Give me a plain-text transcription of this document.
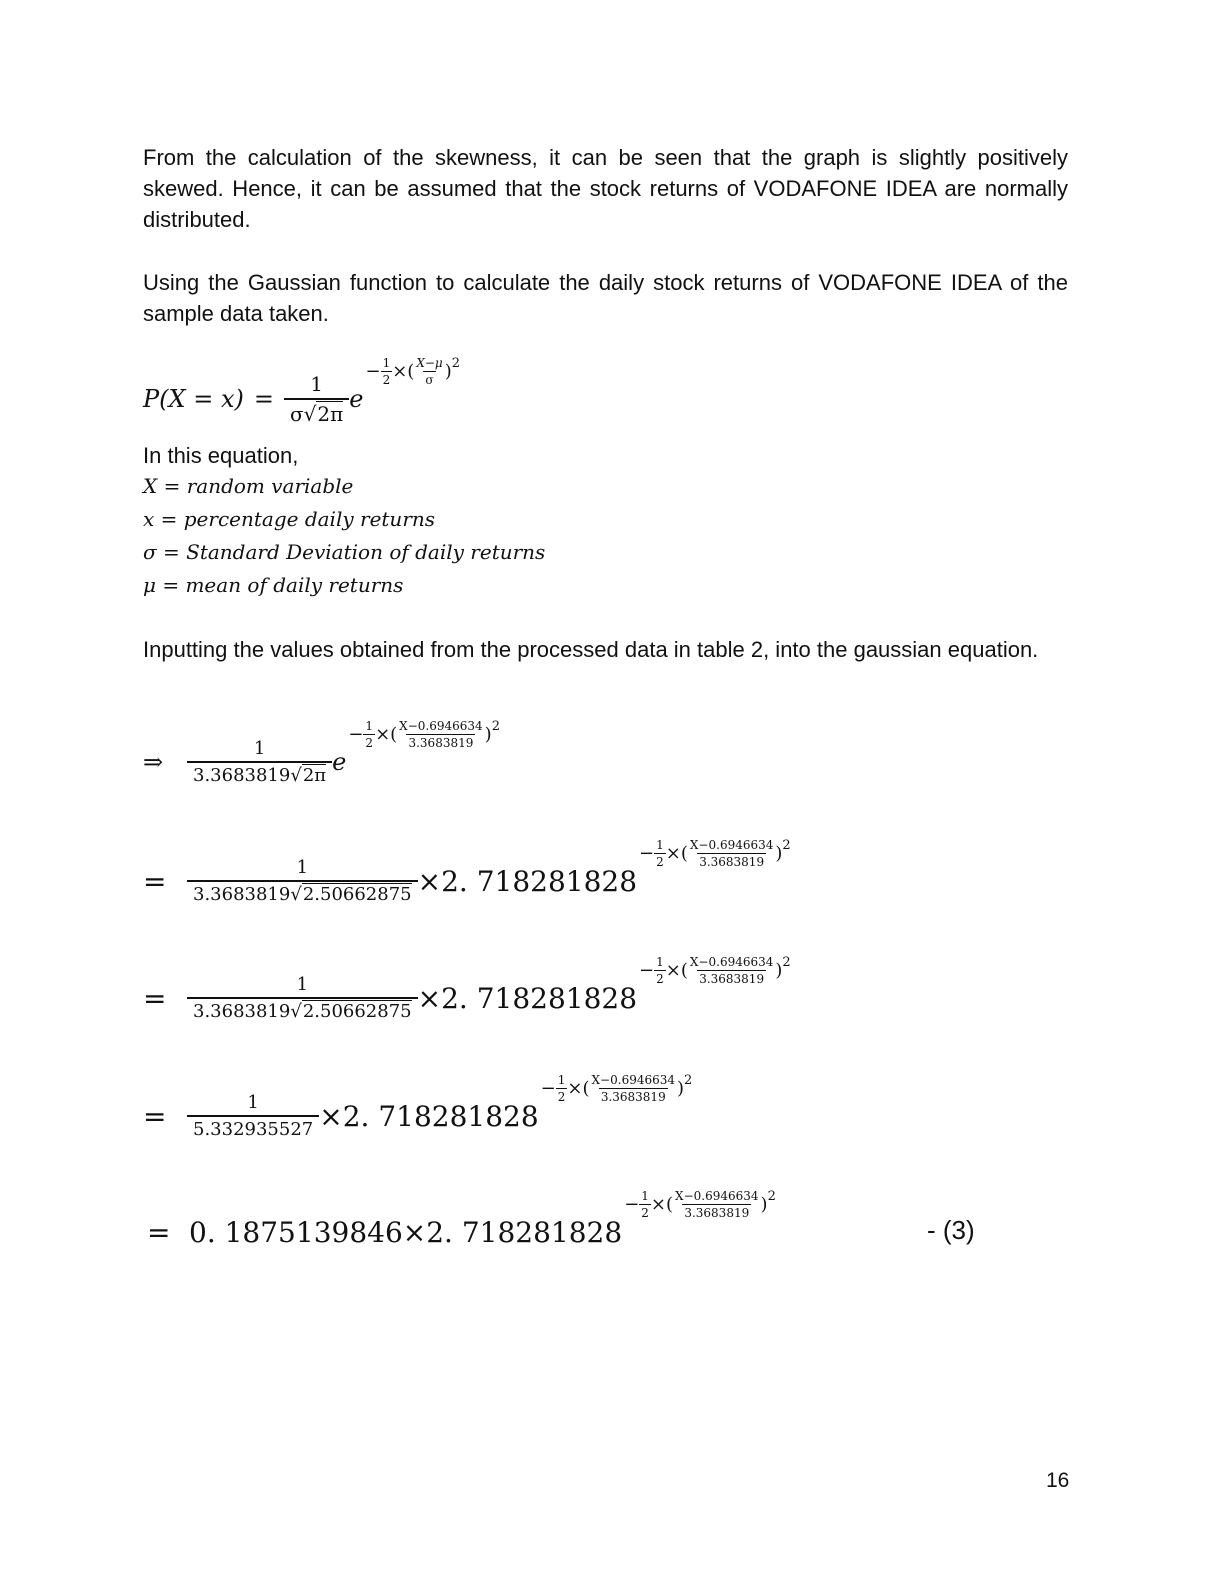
From the calculation of the skewness, it can be seen that the graph is slightly positively skewed. Hence, it can be assumed that the stock returns of VODAFONE IDEA are normally distributed.
Using the Gaussian function to calculate the daily stock returns of VODAFONE IDEA of the sample data taken.
$P(X = x) = \frac{1}{\sigma√2\pi}$ e
− $\frac{1}{2}$ ×( $\frac{X-\mu}{\sigma} )^2$
In this equation,
X = random variable
x = percentage daily returns
σ = Standard Deviation of daily returns
μ = mean of daily returns
Inputting the values obtained from the processed data in table 2, into the gaussian equation.
⇒	$\frac{1}{3.3683819√2\pi}$ e
− $\frac{1}{2}$ ×( $\frac{X-0.6946634}{3.3683819} )^2$
=	$\frac{1}{3.3683819√2.50662875} \times 2$. 718281828
− $\frac{1}{2}$ ×( $\frac{X-0.6946634}{3.3683819} )^2$
=	$\frac{1}{3.3683819√2.50662875} \times 2$. 718281828
− $\frac{1}{2}$ ×( $\frac{X-0.6946634}{3.3683819} )^2$
=	$\frac{1}{5.332935527} \times 2$. 718281828
− $\frac{1}{2}$ ×( $\frac{X-0.6946634}{3.3683819} )^2$
= 0. 1875139846 × 2. 718281828
− $\frac{1}{2}$ ×( $\frac{X-0.6946634}{3.3683819} )^2$
- (3)
16
